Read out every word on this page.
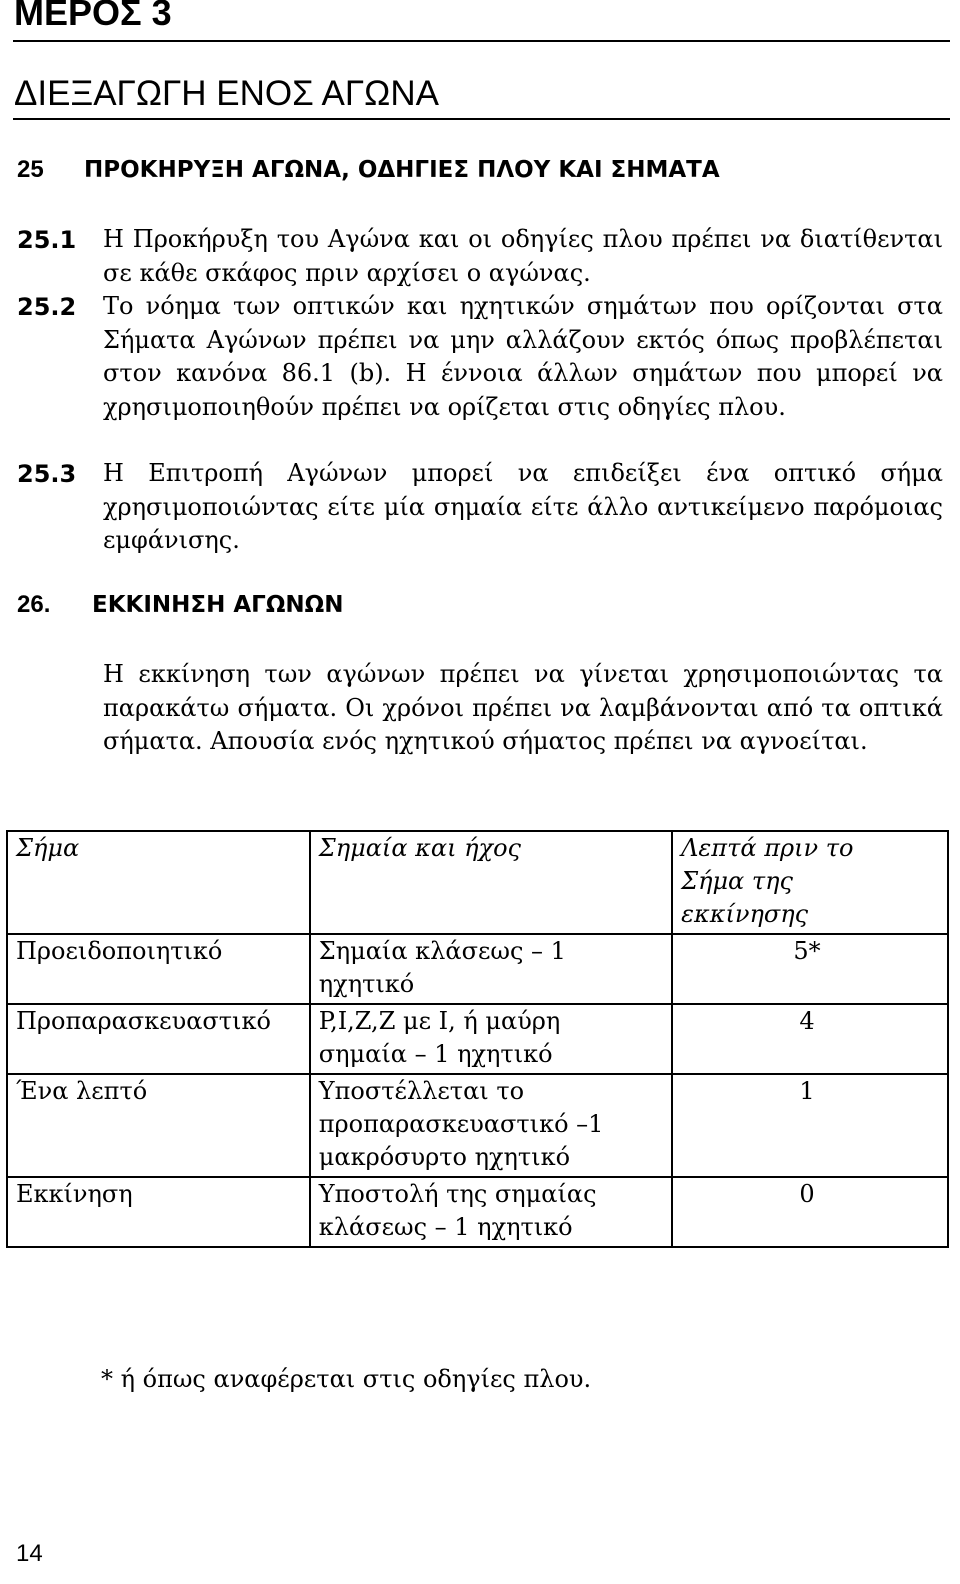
ΜΕΡΟΣ 3
ΔΙΕΞΑΓΩΓΗ ΕΝΟΣ ΑΓΩΝΑ
25 ΠΡΟΚΗΡΥΞΗ ΑΓΩΝΑ, ΟΔΗΓΙΕΣ ΠΛΟΥ ΚΑΙ ΣΗΜΑΤΑ
25.1 Η Προκήρυξη του Αγώνα και οι οδηγίες πλου πρέπει να διατίθενται σε κάθε σκάφος πριν αρχίσει ο αγώνας.
25.2 Το νόημα των οπτικών και ηχητικών σημάτων που ορίζονται στα Σήματα Αγώνων πρέπει να μην αλλάζουν εκτός όπως προβλέπεται στον κανόνα 86.1 (b). Η έννοια άλλων σημάτων που μπορεί να χρησιμοποιηθούν πρέπει να ορίζεται στις οδηγίες πλου.
25.3 Η Επιτροπή Αγώνων μπορεί να επιδείξει ένα οπτικό σήμα χρησιμοποιώντας είτε μία σημαία είτε άλλο αντικείμενο παρόμοιας εμφάνισης.
26. ΕΚΚΙΝΗΣΗ ΑΓΩΝΩΝ
Η εκκίνηση των αγώνων πρέπει να γίνεται χρησιμοποιώντας τα παρακάτω σήματα. Οι χρόνοι πρέπει να λαμβάνονται από τα οπτικά σήματα. Απουσία ενός ηχητικού σήματος πρέπει να αγνοείται.
Σήμα	Σημαία και ήχος	Λεπτά πριν το Σήμα της εκκίνησης
Προειδοποιητικό	Σημαία κλάσεως – 1 ηχητικό	5*
Προπαρασκευαστικό	P,I,Z,Z με I, ή μαύρη σημαία – 1 ηχητικό	4
Ένα λεπτό	Υποστέλλεται το προπαρασκευαστικό –1 μακρόσυρτο ηχητικό	1
Εκκίνηση	Υποστολή της σημαίας κλάσεως – 1 ηχητικό	0
* ή όπως αναφέρεται στις οδηγίες πλου.
14
